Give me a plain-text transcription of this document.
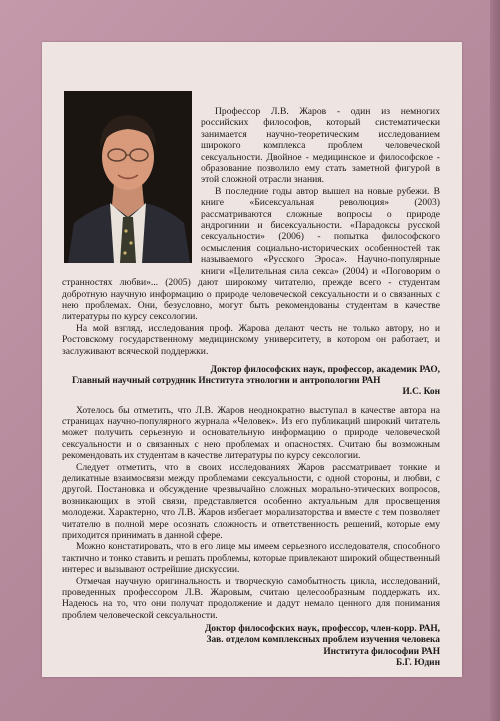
Профессор Л.В. Жаров - один из немногих российских философов, который систематически занимается научно-теоретическим исследованием широкого комплекса проблем человеческой сексуальности. Двойное - медицинское и философское - образование позволило ему стать заметной фигурой в этой сложной отрасли знания.

В последние годы автор вышел на новые рубежи. В книге «Бисексуальная революция» (2003) рассматриваются сложные вопросы о природе андрогинии и бисексуальности. «Парадоксы русской сексуальности» (2006) - попытка философского осмысления социально-исторических особенностей так называемого «Русского Эроса». Научно-популярные книги «Целительная сила секса» (2004) и «Поговорим о странностях любви»... (2005) дают широкому читателю, прежде всего - студентам добротную научную информацию о природе человеческой сексуальности и о связанных с нею проблемах. Они, безусловно, могут быть рекомендованы студентам в качестве литературы по курсу сексологии.

На мой взгляд, исследования проф. Жарова делают честь не только автору, но и Ростовскому государственному медицинскому университету, в котором он работает, и заслуживают всяческой поддержки.

Доктор философских наук, профессор, академик РАО,
Главный научный сотрудник Института этнологии и антропологии РАН
И.С. Кон

Хотелось бы отметить, что Л.В. Жаров неоднократно выступал в качестве автора на страницах научно-популярного журнала «Человек». Из его публикаций широкий читатель может получить серьезную и основательную информацию о природе человеческой сексуальности и о связанных с нею проблемах и опасностях. Считаю бы возможным рекомендовать их студентам в качестве литературы по курсу сексологии.

Следует отметить, что в своих исследованиях Жаров рассматривает тонкие и деликатные взаимосвязи между проблемами сексуальности, с одной стороны, и любви, с другой. Постановка и обсуждение чрезвычайно сложных морально-этических вопросов, возникающих в этой связи, представляется особенно актуальным для просвещения молодежи. Характерно, что Л.В. Жаров избегает морализаторства и вместе с тем позволяет читателю в полной мере осознать сложность и ответственность решений, которые ему приходится принимать в данной сфере.

Можно констатировать, что в его лице мы имеем серьезного исследователя, способного тактично и тонко ставить и решать проблемы, которые привлекают широкий общественный интерес и вызывают острейшие дискуссии.

Отмечая научную оригинальность и творческую самобытность цикла, исследований, проведенных профессором Л.В. Жаровым, считаю целесообразным поддержать их. Надеюсь на то, что они получат продолжение и дадут немало ценного для понимания проблем человеческой сексуальности.

Доктор философских наук, профессор, член-корр. РАН,
Зав. отделом комплексных проблем изучения человека
Института философии РАН
Б.Г. Юдин
